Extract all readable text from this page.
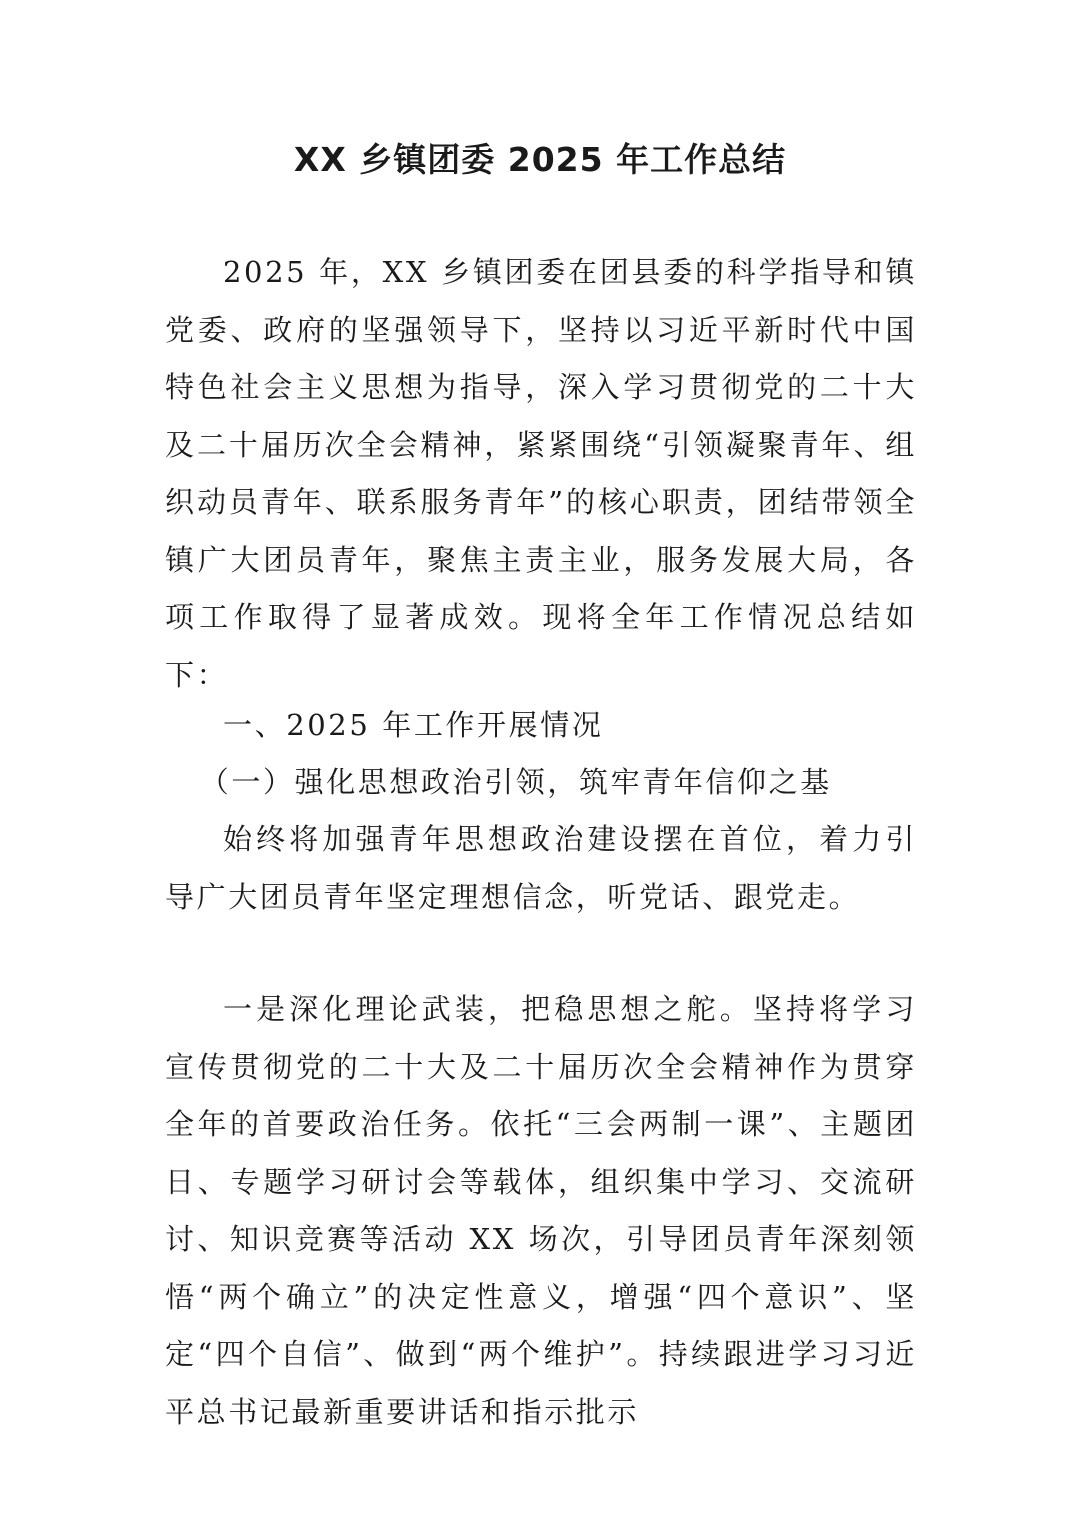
XX 乡镇团委 2025 年工作总结

2025 年，XX 乡镇团委在团县委的科学指导和镇党委、政府的坚强领导下，坚持以习近平新时代中国特色社会主义思想为指导，深入学习贯彻党的二十大及二十届历次全会精神，紧紧围绕“引领凝聚青年、组织动员青年、联系服务青年”的核心职责，团结带领全镇广大团员青年，聚焦主责主业，服务发展大局，各项工作取得了显著成效。现将全年工作情况总结如下：

一、2025 年工作开展情况

（一）强化思想政治引领，筑牢青年信仰之基

始终将加强青年思想政治建设摆在首位，着力引导广大团员青年坚定理想信念，听党话、跟党走。

一是深化理论武装，把稳思想之舵。坚持将学习宣传贯彻党的二十大及二十届历次全会精神作为贯穿全年的首要政治任务。依托“三会两制一课”、主题团日、专题学习研讨会等载体，组织集中学习、交流研讨、知识竞赛等活动 XX 场次，引导团员青年深刻领悟“两个确立”的决定性意义，增强“四个意识”、坚定“四个自信”、做到“两个维护”。持续跟进学习习近平总书记最新重要讲话和指示批示
